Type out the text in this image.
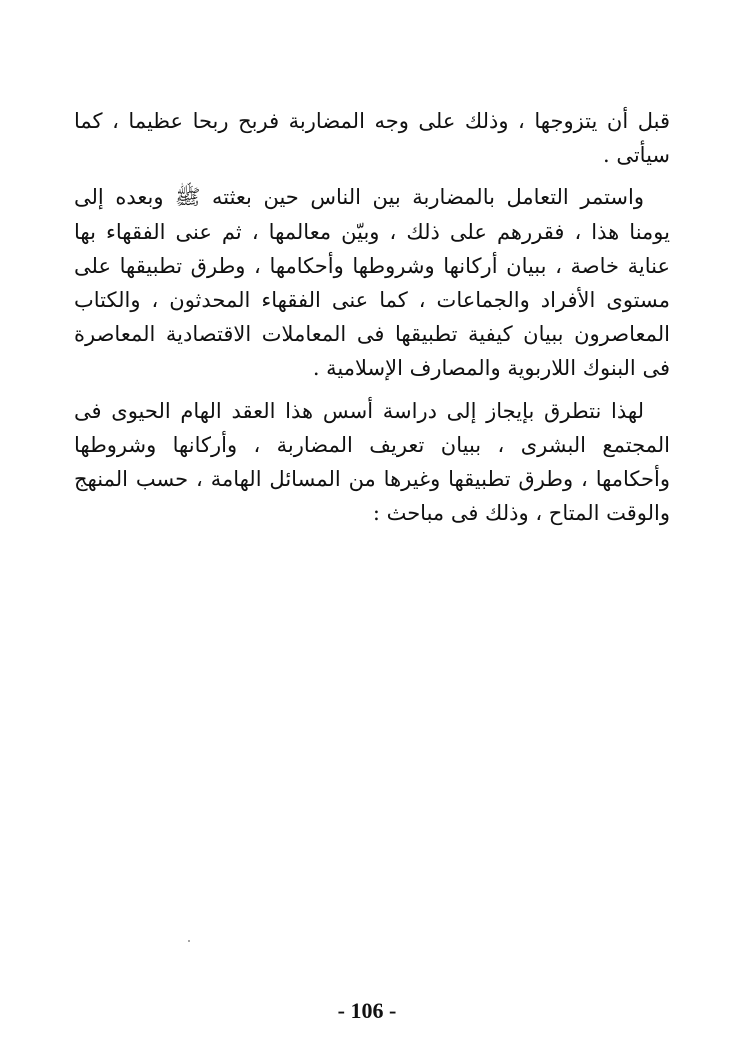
قبل أن يتزوجها ، وذلك على وجه المضاربة فربح ربحا عظيما ، كما سيأتى .

واستمر التعامل بالمضاربة بين الناس حين بعثته ﷺ وبعده إلى يومنا هذا ، فقررهم على ذلك ، وبيّن معالمها ، ثم عنى الفقهاء بها عناية خاصة ، ببيان أركانها وشروطها وأحكامها ، وطرق تطبيقها على مستوى الأفراد والجماعات ، كما عنى الفقهاء المحدثون ، والكتاب المعاصرون ببيان كيفية تطبيقها فى المعاملات الاقتصادية المعاصرة فى البنوك اللاربوية والمصارف الإسلامية .

لهذا نتطرق بإيجاز إلى دراسة أسس هذا العقد الهام الحيوى فى المجتمع البشرى ، ببيان تعريف المضاربة ، وأركانها وشروطها وأحكامها ، وطرق تطبيقها وغيرها من المسائل الهامة ، حسب المنهج والوقت المتاح ، وذلك فى مباحث :

- 106 -
